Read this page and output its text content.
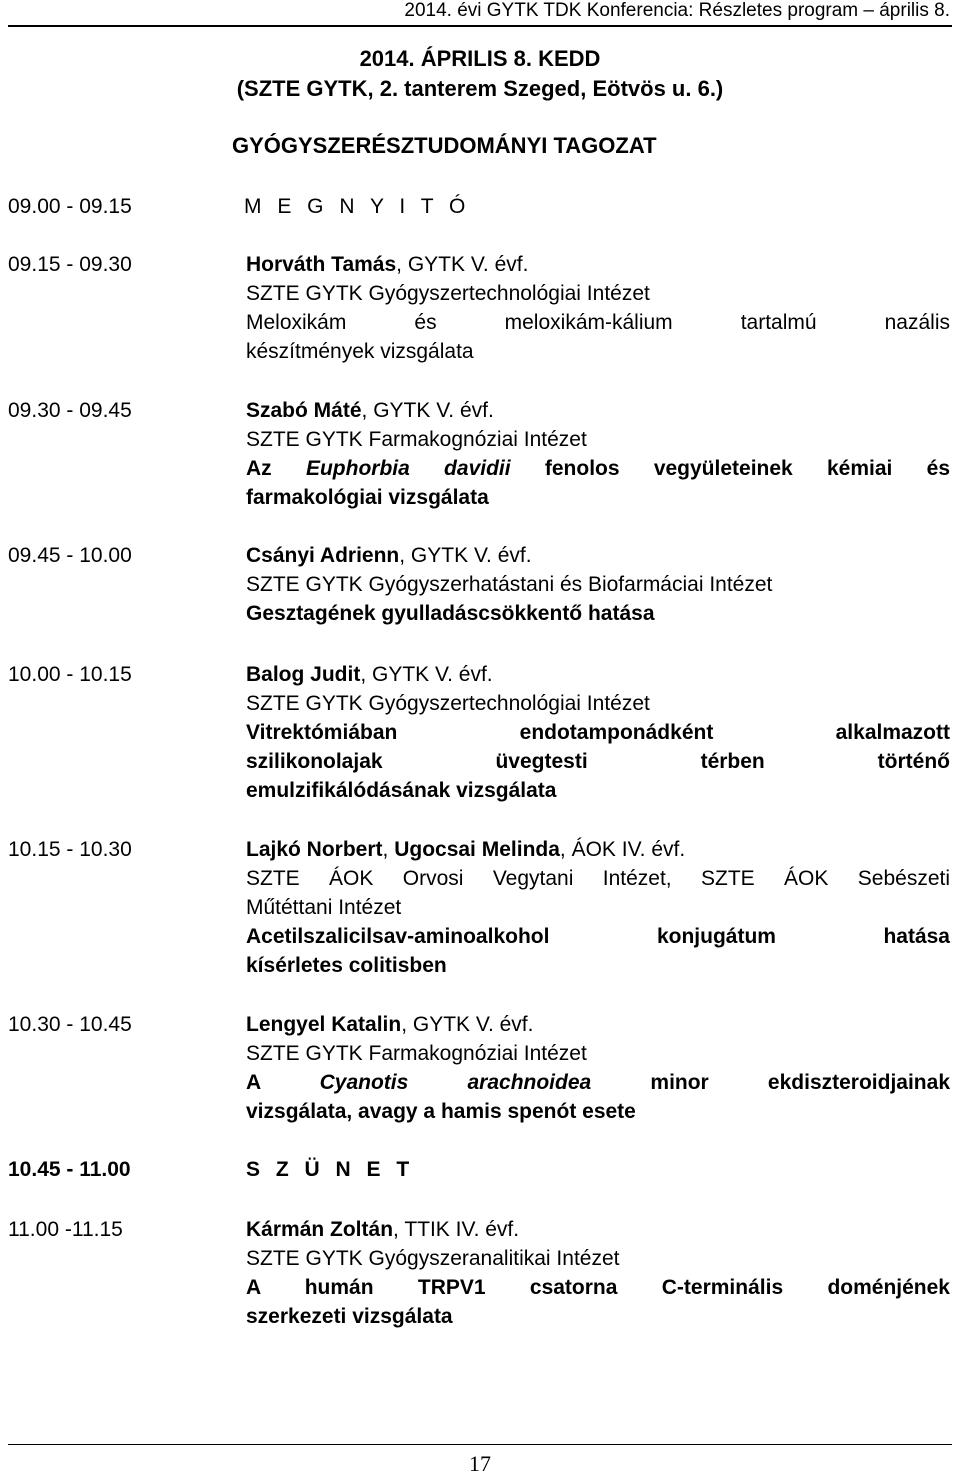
2014. évi GYTK TDK Konferencia: Részletes program – április 8.
2014. ÁPRILIS 8. KEDD
(SZTE GYTK, 2. tanterem Szeged, Eötvös u. 6.)
GYÓGYSZERÉSZTUDOMÁNYI TAGOZAT
09.00 - 09.15	M E G N Y I T Ó
09.15 - 09.30	Horváth Tamás, GYTK V. évf.
SZTE GYTK Gyógyszertechnológiai Intézet
Meloxikám és meloxikám-kálium tartalmú nazális
készítmények vizsgálata
09.30 - 09.45	Szabó Máté, GYTK V. évf.
SZTE GYTK Farmakognóziai Intézet
Az Euphorbia davidii fenolos vegyületeinek kémiai és
farmakológiai vizsgálata
09.45 - 10.00	Csányi Adrienn, GYTK V. évf.
SZTE GYTK Gyógyszerhatástani és Biofarmáciai Intézet
Gesztagének gyulladáscsökkentő hatása
10.00 - 10.15	Balog Judit, GYTK V. évf.
SZTE GYTK Gyógyszertechnológiai Intézet
Vitrektómiában endotamponádként alkalmazott
szilikonolajak üvegtesti térben történő
emulzifikálódásának vizsgálata
10.15 - 10.30	Lajkó Norbert, Ugocsai Melinda, ÁOK IV. évf.
SZTE ÁOK Orvosi Vegytani Intézet, SZTE ÁOK Sebészeti
Műtéttani Intézet
Acetilszalicilsav-aminoalkohol konjugátum hatása
kísérletes colitisben
10.30 - 10.45	Lengyel Katalin, GYTK V. évf.
SZTE GYTK Farmakognóziai Intézet
A Cyanotis	arachnoidea minor ekdiszteroidjainak
vizsgálata, avagy a hamis spenót esete
10.45 - 11.00	S Z Ü N E T
11.00 -11.15	Kármán Zoltán, TTIK IV. évf.
SZTE GYTK Gyógyszeranalitikai Intézet
A humán TRPV1 csatorna C-terminális doménjének
szerkezeti vizsgálata
17
